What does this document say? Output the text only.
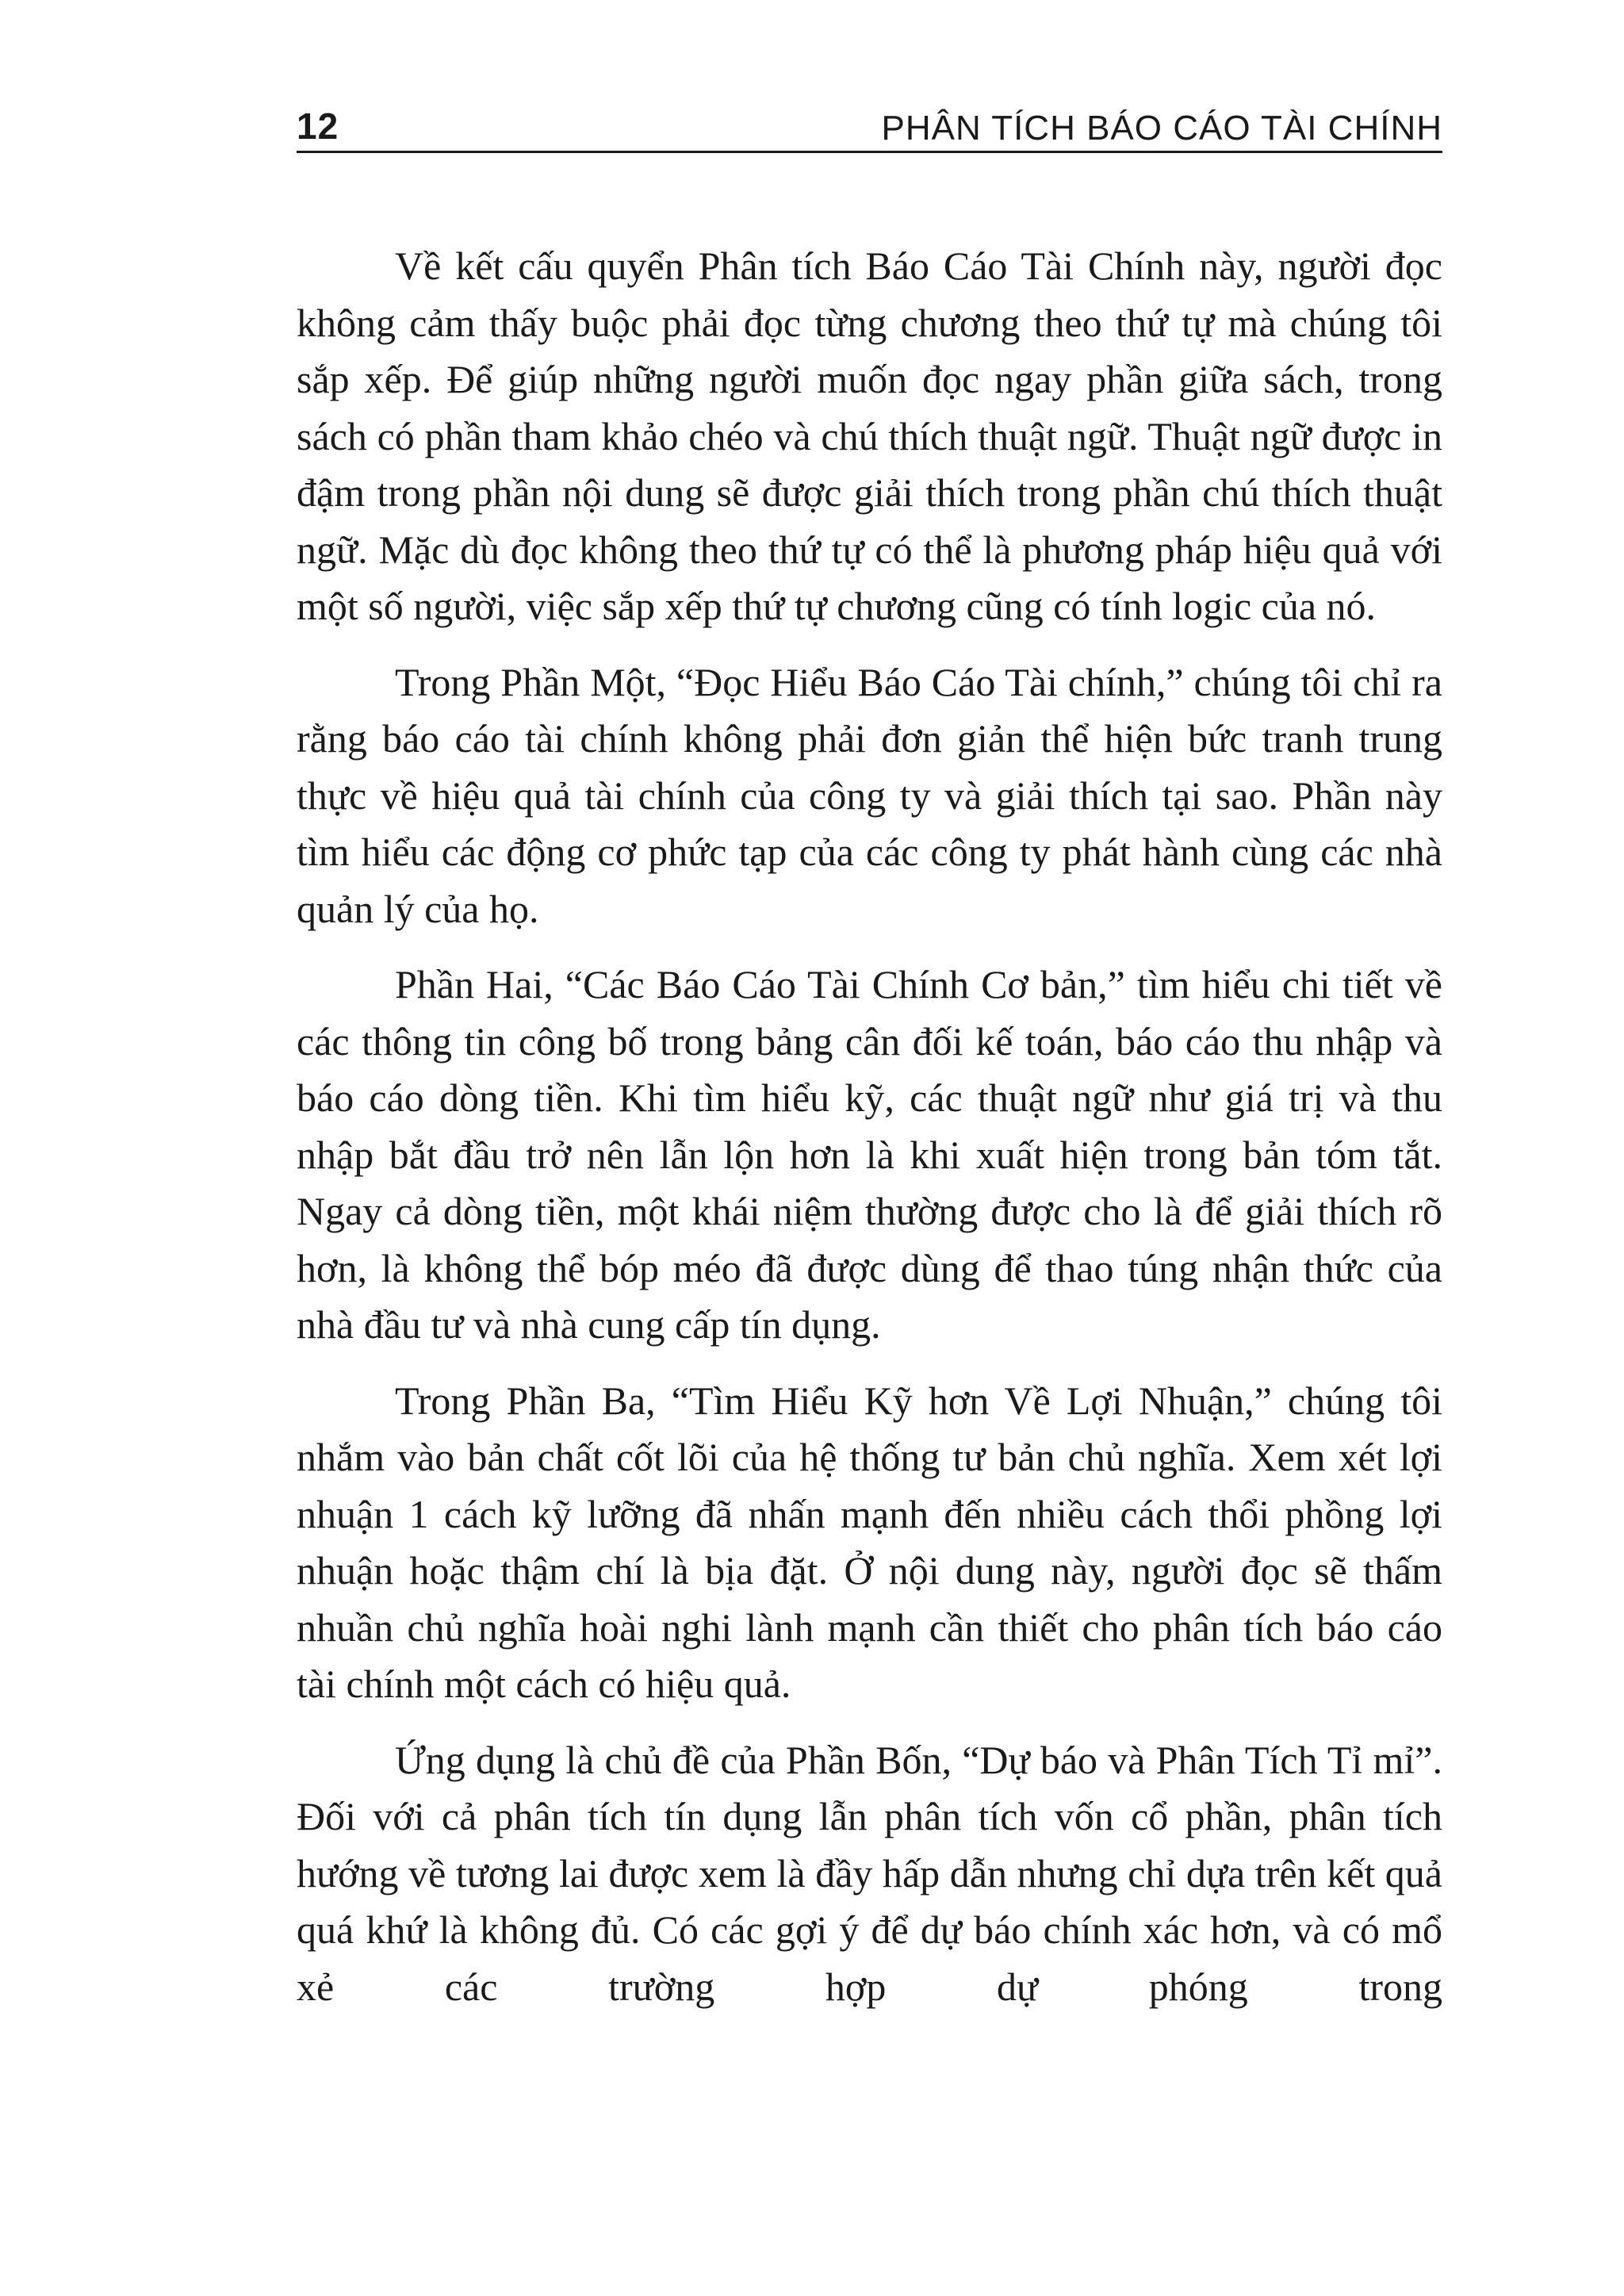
12	PHÂN TÍCH BÁO CÁO TÀI CHÍNH

Về kết cấu quyển Phân tích Báo Cáo Tài Chính này, người đọc không cảm thấy buộc phải đọc từng chương theo thứ tự mà chúng tôi sắp xếp. Để giúp những người muốn đọc ngay phần giữa sách, trong sách có phần tham khảo chéo và chú thích thuật ngữ. Thuật ngữ được in đậm trong phần nội dung sẽ được giải thích trong phần chú thích thuật ngữ. Mặc dù đọc không theo thứ tự có thể là phương pháp hiệu quả với một số người, việc sắp xếp thứ tự chương cũng có tính logic của nó.

Trong Phần Một, “Đọc Hiểu Báo Cáo Tài chính,” chúng tôi chỉ ra rằng báo cáo tài chính không phải đơn giản thể hiện bức tranh trung thực về hiệu quả tài chính của công ty và giải thích tại sao. Phần này tìm hiểu các động cơ phức tạp của các công ty phát hành cùng các nhà quản lý của họ.

Phần Hai, “Các Báo Cáo Tài Chính Cơ bản,” tìm hiểu chi tiết về các thông tin công bố trong bảng cân đối kế toán, báo cáo thu nhập và báo cáo dòng tiền. Khi tìm hiểu kỹ, các thuật ngữ như giá trị và thu nhập bắt đầu trở nên lẫn lộn hơn là khi xuất hiện trong bản tóm tắt. Ngay cả dòng tiền, một khái niệm thường được cho là để giải thích rõ hơn, là không thể bóp méo đã được dùng để thao túng nhận thức của nhà đầu tư và nhà cung cấp tín dụng.

Trong Phần Ba, “Tìm Hiểu Kỹ hơn Về Lợi Nhuận,” chúng tôi nhắm vào bản chất cốt lõi của hệ thống tư bản chủ nghĩa. Xem xét lợi nhuận 1 cách kỹ lưỡng đã nhấn mạnh đến nhiều cách thổi phồng lợi nhuận hoặc thậm chí là bịa đặt. Ở nội dung này, người đọc sẽ thấm nhuần chủ nghĩa hoài nghi lành mạnh cần thiết cho phân tích báo cáo tài chính một cách có hiệu quả.

Ứng dụng là chủ đề của Phần Bốn, “Dự báo và Phân Tích Tỉ mỉ”. Đối với cả phân tích tín dụng lẫn phân tích vốn cổ phần, phân tích hướng về tương lai được xem là đầy hấp dẫn nhưng chỉ dựa trên kết quả quá khứ là không đủ. Có các gợi ý để dự báo chính xác hơn, và có mổ xẻ các trường hợp dự phóng trong
